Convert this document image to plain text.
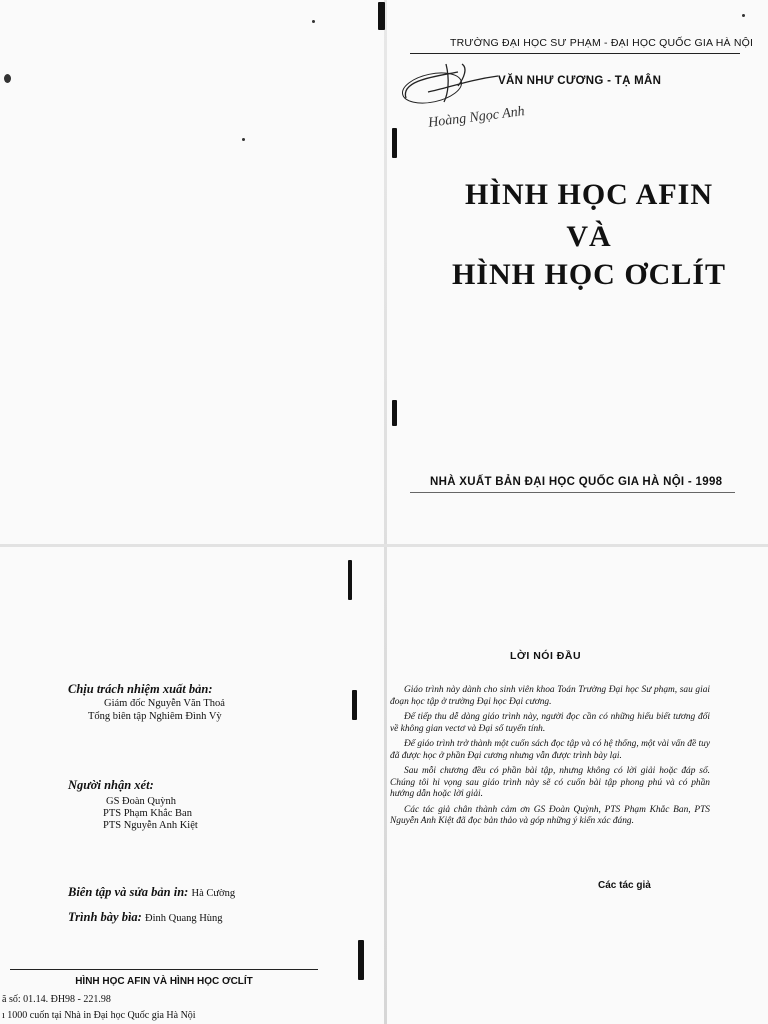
TRƯỜNG ĐẠI HỌC SƯ PHẠM - ĐẠI HỌC QUỐC GIA HÀ NỘI
VĂN NHƯ CƯƠNG - TẠ MÂN
Hoàng Ngọc Anh
HÌNH HỌC AFIN
VÀ
HÌNH HỌC ƠCLÍT
NHÀ XUẤT BẢN ĐẠI HỌC QUỐC GIA HÀ NỘI - 1998
Chịu trách nhiệm xuất bản:
Giám đốc Nguyễn Văn Thoả
Tổng biên tập Nghiêm Đình Vỳ
Người nhận xét:
GS Đoàn Quỳnh
PTS Phạm Khắc Ban
PTS Nguyễn Anh Kiệt
Biên tập và sửa bản in: Hà Cường
Trình bày bìa: Đinh Quang Hùng
HÌNH HỌC AFIN VÀ HÌNH HỌC ƠCLÍT
ã số: 01.14. ĐH98 - 221.98
ı 1000 cuốn tại Nhà in Đại học Quốc gia Hà Nội
LỜI NÓI ĐẦU

Giáo trình này dành cho sinh viên khoa Toán Trường Đại học Sư phạm, sau giai đoạn học tập ở trường Đại học Đại cương.

Để tiếp thu dễ dàng giáo trình này, người đọc cần có những hiểu biết tương đối về không gian vectơ và Đại số tuyến tính.

Để giáo trình trở thành một cuốn sách đọc tập và có hệ thống, một vài vấn đề tuy đã được học ở phần Đại cương nhưng vẫn được trình bày lại.

Sau mỗi chương đều có phần bài tập, nhưng không có lời giải hoặc đáp số. Chúng tôi hi vọng sau giáo trình này sẽ có cuốn bài tập phong phú và có phần hướng dẫn hoặc lời giải.

Các tác giả chân thành cảm ơn GS Đoàn Quỳnh, PTS Phạm Khắc Ban, PTS Nguyễn Anh Kiệt đã đọc bản thảo và góp những ý kiến xác đáng.

Các tác giả
